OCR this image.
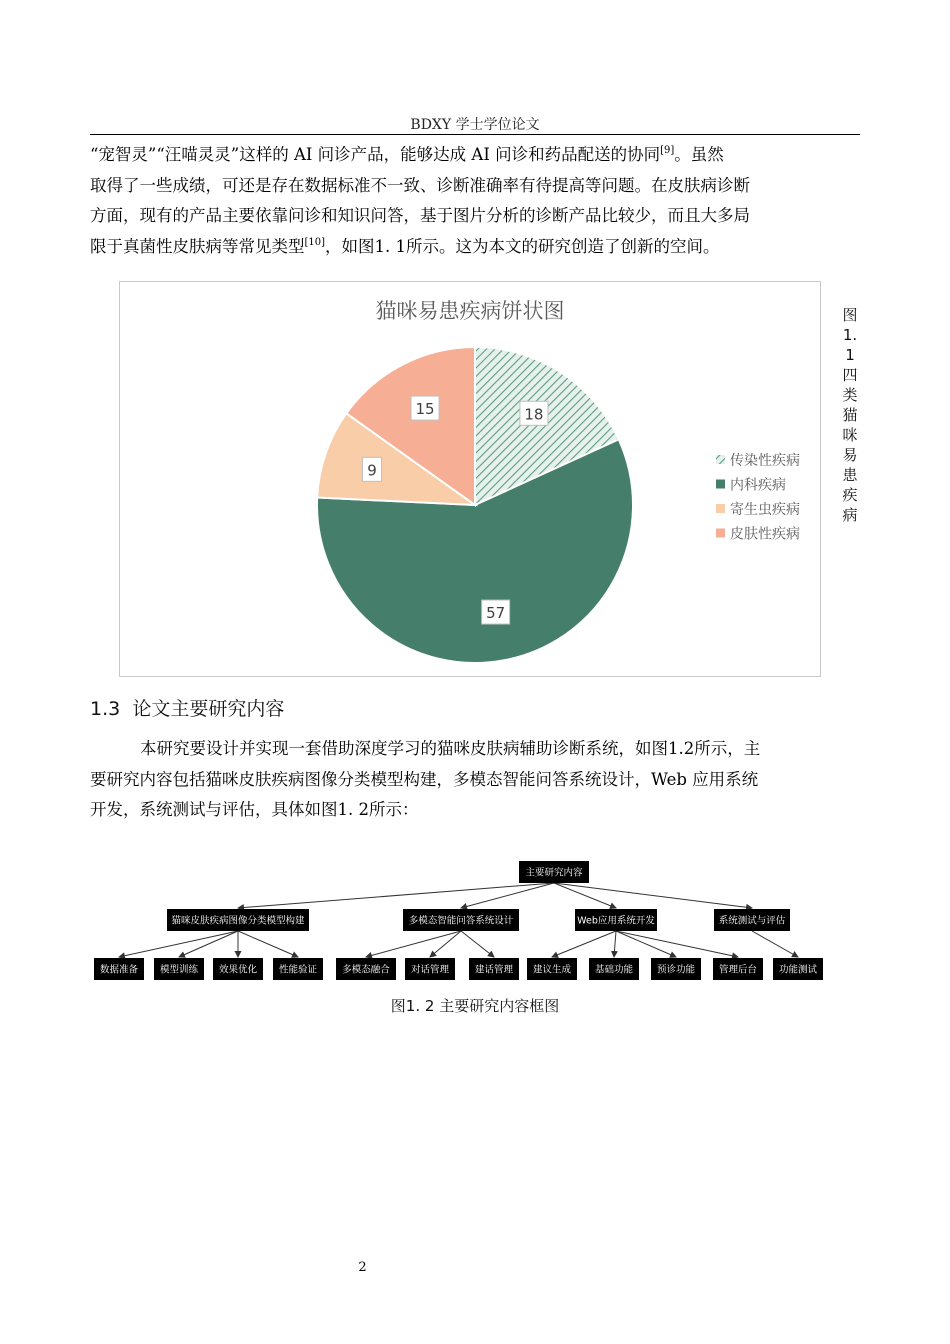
BDXY 学士学位论文

“宠智灵”“汪喵灵灵”这样的 AI 问诊产品，能够达成 AI 问诊和药品配送的协同[9]。虽然
取得了一些成绩，可还是存在数据标准不一致、诊断准确率有待提高等问题。在皮肤病诊断
方面，现有的产品主要依靠问诊和知识问答，基于图片分析的诊断产品比较少，而且大多局
限于真菌性皮肤病等常见类型[10]，如图1. 1所示。这为本文的研究创造了创新的空间。

猫咪易患疾病饼状图
18
57
9
15
传染性疾病
内科疾病
寄生虫疾病
皮肤性疾病
图1. 1四类猫咪易患疾病
1.3 论文主要研究内容

本研究要设计并实现一套借助深度学习的猫咪皮肤病辅助诊断系统，如图1.2所示，主
要研究内容包括猫咪皮肤疾病图像分类模型构建，多模态智能问答系统设计，Web 应用系统
开发，系统测试与评估，具体如图1. 2所示：

主要研究内容
猫咪皮肤疾病图像分类模型构建
数据准备 模型训练 效果优化 性能验证
多模态智能问答系统设计
多模态融合 对话管理	建话管理
Web应用系统开发
建议生成	基础功能	预诊功能	管理后台
系统测试与评估
功能测试
图1. 2 主要研究内容框图
2
